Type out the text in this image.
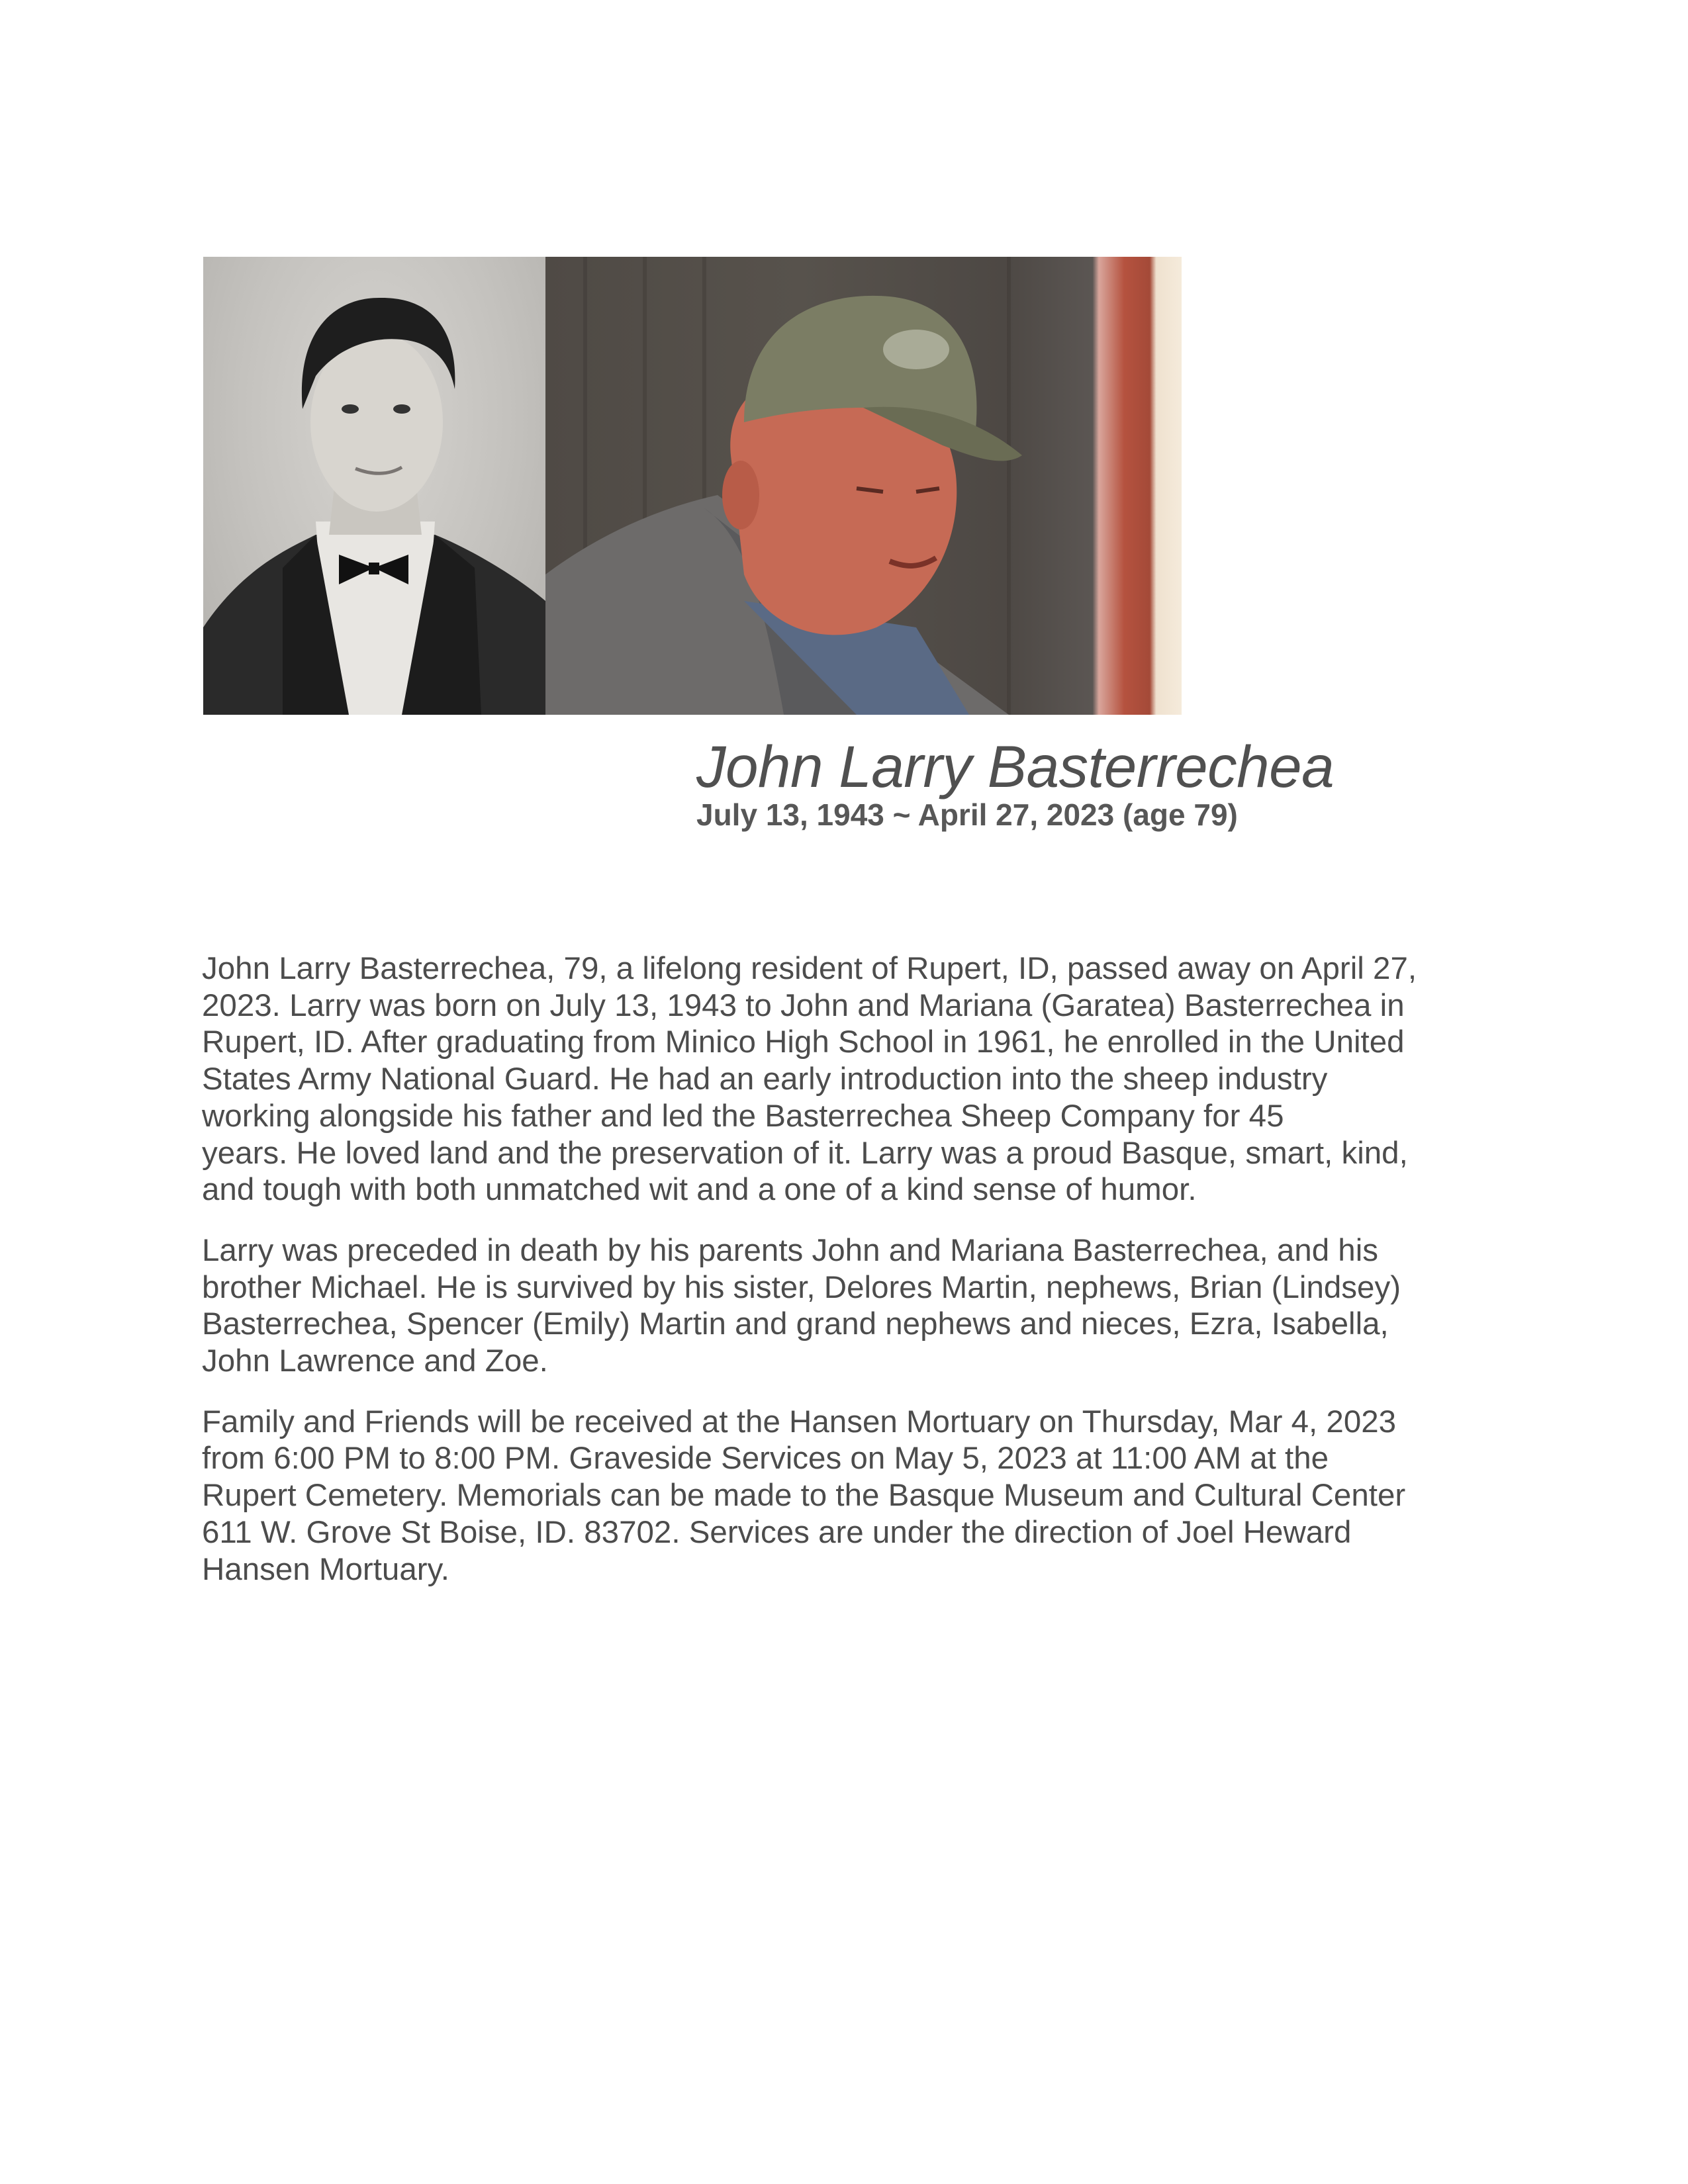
John Larry Basterrechea
July 13, 1943 ~ April 27, 2023 (age 79)

John Larry Basterrechea, 79, a lifelong resident of Rupert, ID, passed away on April 27,
2023. Larry was born on July 13, 1943 to John and Mariana (Garatea) Basterrechea in
Rupert, ID. After graduating from Minico High School in 1961, he enrolled in the United
States Army National Guard. He had an early introduction into the sheep industry
working alongside his father and led the Basterrechea Sheep Company for 45
years. He loved land and the preservation of it. Larry was a proud Basque, smart, kind,
and tough with both unmatched wit and a one of a kind sense of humor.

Larry was preceded in death by his parents John and Mariana Basterrechea, and his
brother Michael. He is survived by his sister, Delores Martin, nephews, Brian (Lindsey)
Basterrechea, Spencer (Emily) Martin and grand nephews and nieces, Ezra, Isabella,
John Lawrence and Zoe.

Family and Friends will be received at the Hansen Mortuary on Thursday, Mar 4, 2023
from 6:00 PM to 8:00 PM. Graveside Services on May 5, 2023 at 11:00 AM at the
Rupert Cemetery. Memorials can be made to the Basque Museum and Cultural Center
611 W. Grove St Boise, ID. 83702. Services are under the direction of Joel Heward
Hansen Mortuary.
